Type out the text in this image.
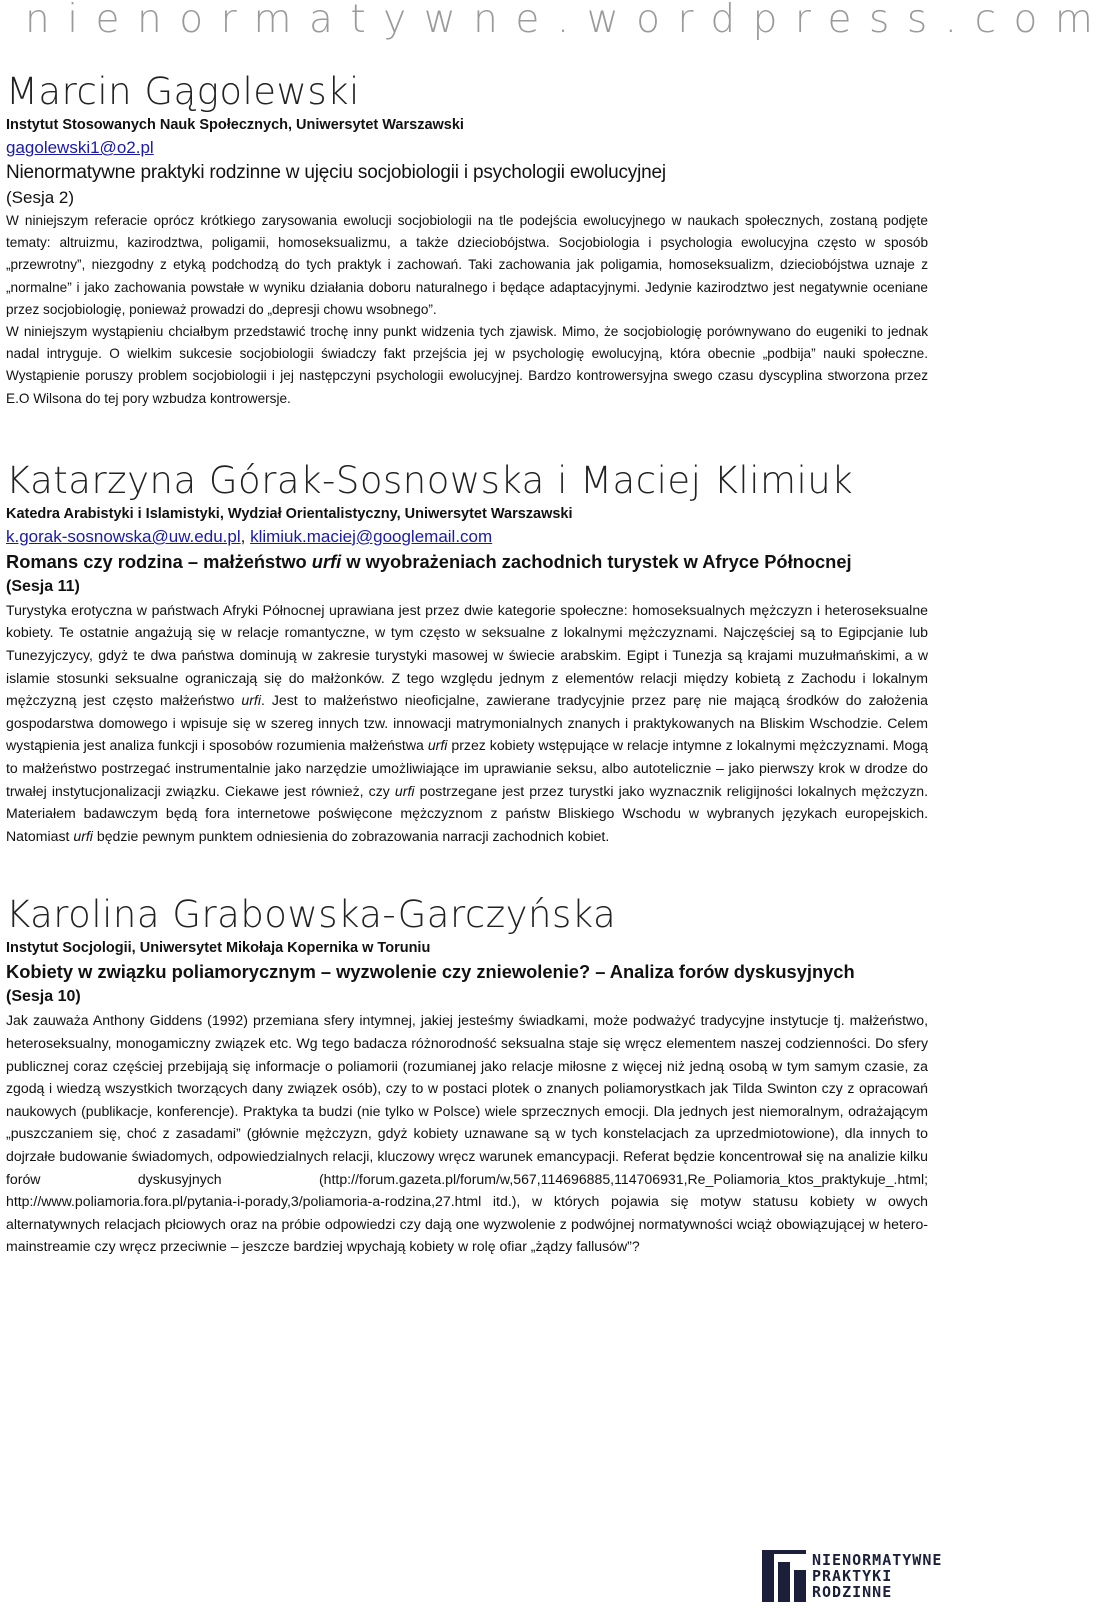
nienormatywne.wordpress.com
Marcin Gągolewski
Instytut Stosowanych Nauk Społecznych, Uniwersytet Warszawski
gagolewski1@o2.pl
Nienormatywne praktyki rodzinne w ujęciu socjobiologii i psychologii ewolucyjnej
(Sesja 2)

W niniejszym referacie oprócz krótkiego zarysowania ewolucji socjobiologii na tle podejścia ewolucyjnego w naukach społecznych, zostaną podjęte tematy: altruizmu, kazirodztwa, poligamii, homoseksualizmu, a także dzieciobójstwa. Socjobiologia i psychologia ewolucyjna często w sposób „przewrotny”, niezgodny z etyką podchodzą do tych praktyk i zachowań. Taki zachowania jak poligamia, homoseksualizm, dzieciobójstwa uznaje z „normalne” i jako zachowania powstałe w wyniku działania doboru naturalnego i będące adaptacyjnymi. Jedynie kazirodztwo jest negatywnie oceniane przez socjobiologię, ponieważ prowadzi do „depresji chowu wsobnego”.

W niniejszym wystąpieniu chciałbym przedstawić trochę inny punkt widzenia tych zjawisk. Mimo, że socjobiologię porównywano do eugeniki to jednak nadal intryguje. O wielkim sukcesie socjobiologii świadczy fakt przejścia jej w psychologię ewolucyjną, która obecnie „podbija” nauki społeczne. Wystąpienie poruszy problem socjobiologii i jej następczyni psychologii ewolucyjnej. Bardzo kontrowersyjna swego czasu dyscyplina stworzona przez E.O Wilsona do tej pory wzbudza kontrowersje.

Katarzyna Górak-Sosnowska i Maciej Klimiuk
Katedra Arabistyki i Islamistyki, Wydział Orientalistyczny, Uniwersytet Warszawski
k.gorak-sosnowska@uw.edu.pl, klimiuk.maciej@googlemail.com
Romans czy rodzina – małżeństwo urfi w wyobrażeniach zachodnich turystek w Afryce Północnej
(Sesja 11)

Turystyka erotyczna w państwach Afryki Północnej uprawiana jest przez dwie kategorie społeczne: homoseksualnych mężczyzn i heteroseksualne kobiety. Te ostatnie angażują się w relacje romantyczne, w tym często w seksualne z lokalnymi mężczyznami. Najczęściej są to Egipcjanie lub Tunezyjczycy, gdyż te dwa państwa dominują w zakresie turystyki masowej w świecie arabskim. Egipt i Tunezja są krajami muzułmańskimi, a w islamie stosunki seksualne ograniczają się do małżonków. Z tego względu jednym z elementów relacji między kobietą z Zachodu i lokalnym mężczyzną jest często małżeństwo urfi. Jest to małżeństwo nieoficjalne, zawierane tradycyjnie przez parę nie mającą środków do założenia gospodarstwa domowego i wpisuje się w szereg innych tzw. innowacji matrymonialnych znanych i praktykowanych na Bliskim Wschodzie. Celem wystąpienia jest analiza funkcji i sposobów rozumienia małżeństwa urfi przez kobiety wstępujące w relacje intymne z lokalnymi mężczyznami. Mogą to małżeństwo postrzegać instrumentalnie jako narzędzie umożliwiające im uprawianie seksu, albo autotelicznie – jako pierwszy krok w drodze do trwałej instytucjonalizacji związku. Ciekawe jest również, czy urfi postrzegane jest przez turystki jako wyznacznik religijności lokalnych mężczyzn. Materiałem badawczym będą fora internetowe poświęcone mężczyznom z państw Bliskiego Wschodu w wybranych językach europejskich. Natomiast urfi będzie pewnym punktem odniesienia do zobrazowania narracji zachodnich kobiet.

Karolina Grabowska-Garczyńska
Instytut Socjologii, Uniwersytet Mikołaja Kopernika w Toruniu
Kobiety w związku poliamorycznym – wyzwolenie czy zniewolenie? – Analiza forów dyskusyjnych
(Sesja 10)

Jak zauważa Anthony Giddens (1992) przemiana sfery intymnej, jakiej jesteśmy świadkami, może podważyć tradycyjne instytucje tj. małżeństwo, heteroseksualny, monogamiczny związek etc. Wg tego badacza różnorodność seksualna staje się wręcz elementem naszej codzienności. Do sfery publicznej coraz częściej przebijają się informacje o poliamorii (rozumianej jako relacje miłosne z więcej niż jedną osobą w tym samym czasie, za zgodą i wiedzą wszystkich tworzących dany związek osób), czy to w postaci plotek o znanych poliamorystkach jak Tilda Swinton czy z opracowań naukowych (publikacje, konferencje). Praktyka ta budzi (nie tylko w Polsce) wiele sprzecznych emocji. Dla jednych jest niemoralnym, odrażającym „puszczaniem się, choć z zasadami” (głównie mężczyzn, gdyż kobiety uznawane są w tych konstelacjach za uprzedmiotowione), dla innych to dojrzałe budowanie świadomych, odpowiedzialnych relacji, kluczowy wręcz warunek emancypacji. Referat będzie koncentrował się na analizie kilku forów dyskusyjnych (http://forum.gazeta.pl/forum/w,567,114696885,114706931,Re_Poliamoria_ktos_praktykuje_.html; http://www.poliamoria.fora.pl/pytania-i-porady,3/poliamoria-a-rodzina,27.html itd.), w których pojawia się motyw statusu kobiety w owych alternatywnych relacjach płciowych oraz na próbie odpowiedzi czy dają one wyzwolenie z podwójnej normatywności wciąż obowiązującej w hetero-mainstreamie czy wręcz przeciwnie – jeszcze bardziej wpychają kobiety w rolę ofiar „żądzy fallusów”?

NIENORMATYWNE
PRAKTYKI
RODZINNE
